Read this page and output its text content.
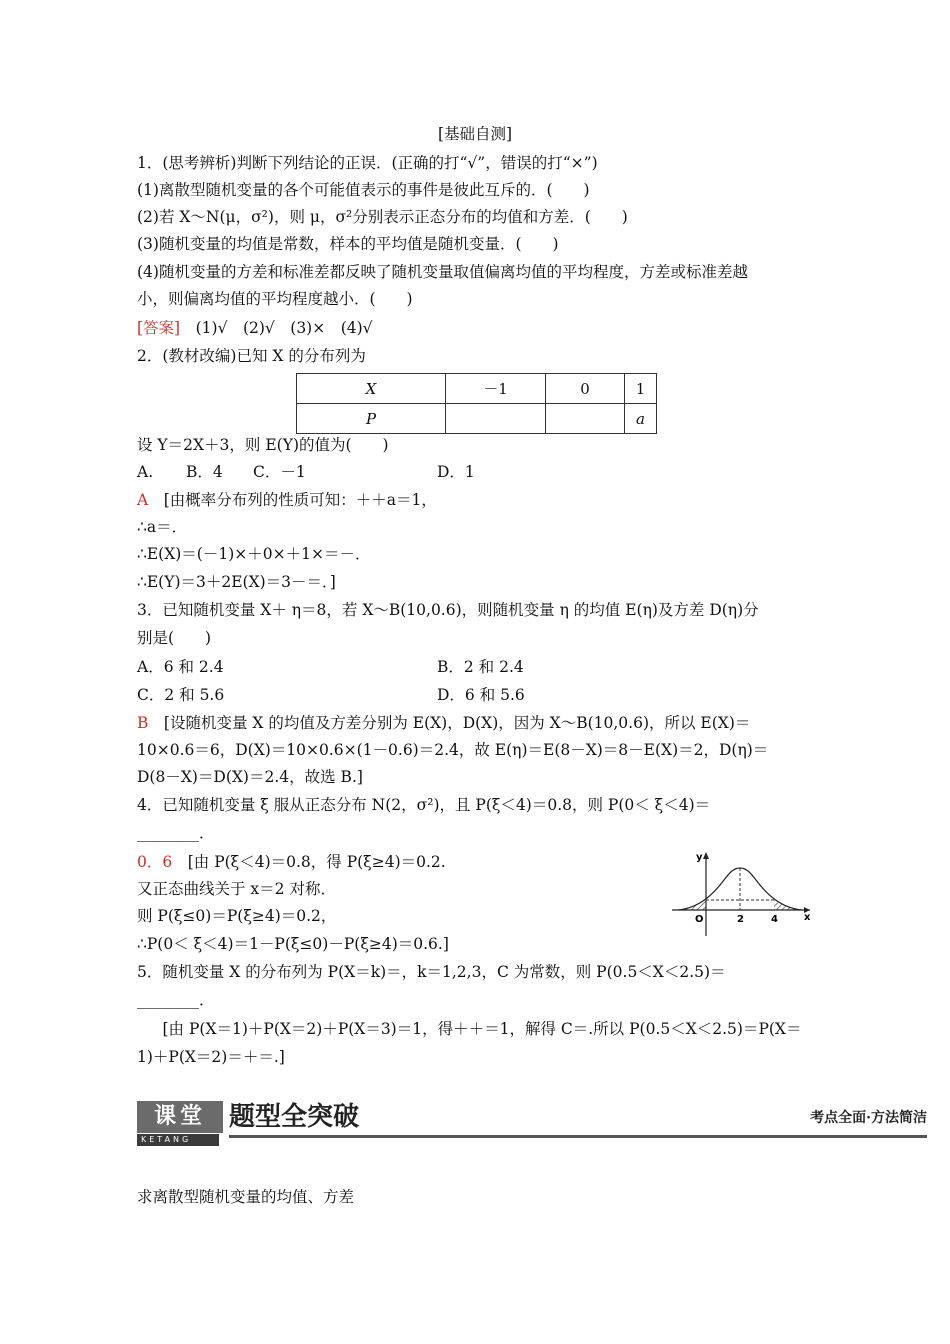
[基础自测]
1．(思考辨析)判断下列结论的正误．(正确的打“√”，错误的打“×”)
(1)离散型随机变量的各个可能值表示的事件是彼此互斥的．(　　)
(2)若 X～N(μ，σ²)，则 μ，σ²分别表示正态分布的均值和方差．(　　)
(3)随机变量的均值是常数，样本的平均值是随机变量．(　　)
(4)随机变量的方差和标准差都反映了随机变量取值偏离均值的平均程度，方差或标准差越
小，则偏离均值的平均程度越小．(　　)
[答案]　(1)√　(2)√　(3)×　(4)√
2．(教材改编)已知 X 的分布列为
X	－1	0	1
P			a
设 Y＝2X＋3，则 E(Y)的值为(　　)
A. B．4 C．－1	D．1
A　[由概率分布列的性质可知：＋＋a＝1，
∴a＝．
∴E(X)＝(－1)×＋0×＋1×＝－．
∴E(Y)＝3＋2E(X)＝3－＝．]
3．已知随机变量 X＋ η＝8，若 X～B(10,0.6)，则随机变量 η 的均值 E(η)及方差 D(η)分
别是(　　)
A．6 和 2.4	B．2 和 2.4
C．2 和 5.6	D．6 和 5.6
B　[设随机变量 X 的均值及方差分别为 E(X)，D(X)，因为 X～B(10,0.6)，所以 E(X)＝
10×0.6＝6，D(X)＝10×0.6×(1－0.6)＝2.4，故 E(η)＝E(8－X)＝8－E(X)＝2，D(η)＝
D(8－X)＝D(X)＝2.4，故选 B.]
4．已知随机变量 ξ 服从正态分布 N(2，σ²)，且 P(ξ＜4)＝0.8，则 P(0＜ ξ＜4)＝
________．
0．6　[由 P(ξ＜4)＝0.8，得 P(ξ≥4)＝0.2.
又正态曲线关于 x＝2 对称．
则 P(ξ≤0)＝P(ξ≥4)＝0.2，
∴P(0＜ ξ＜4)＝1－P(ξ≤0)－P(ξ≥4)＝0.6.]
y
x
O	2	4
5．随机变量 X 的分布列为 P(X＝k)＝，k＝1,2,3，C 为常数，则 P(0.5＜X＜2.5)＝
________．
　[由 P(X＝1)＋P(X＝2)＋P(X＝3)＝1，得＋＋＝1，解得 C＝.所以 P(0.5＜X＜2.5)＝P(X＝
1)＋P(X＝2)＝＋＝.]
课堂
KETANG
题型全突破	考点全面·方法简洁
求离散型随机变量的均值、方差
